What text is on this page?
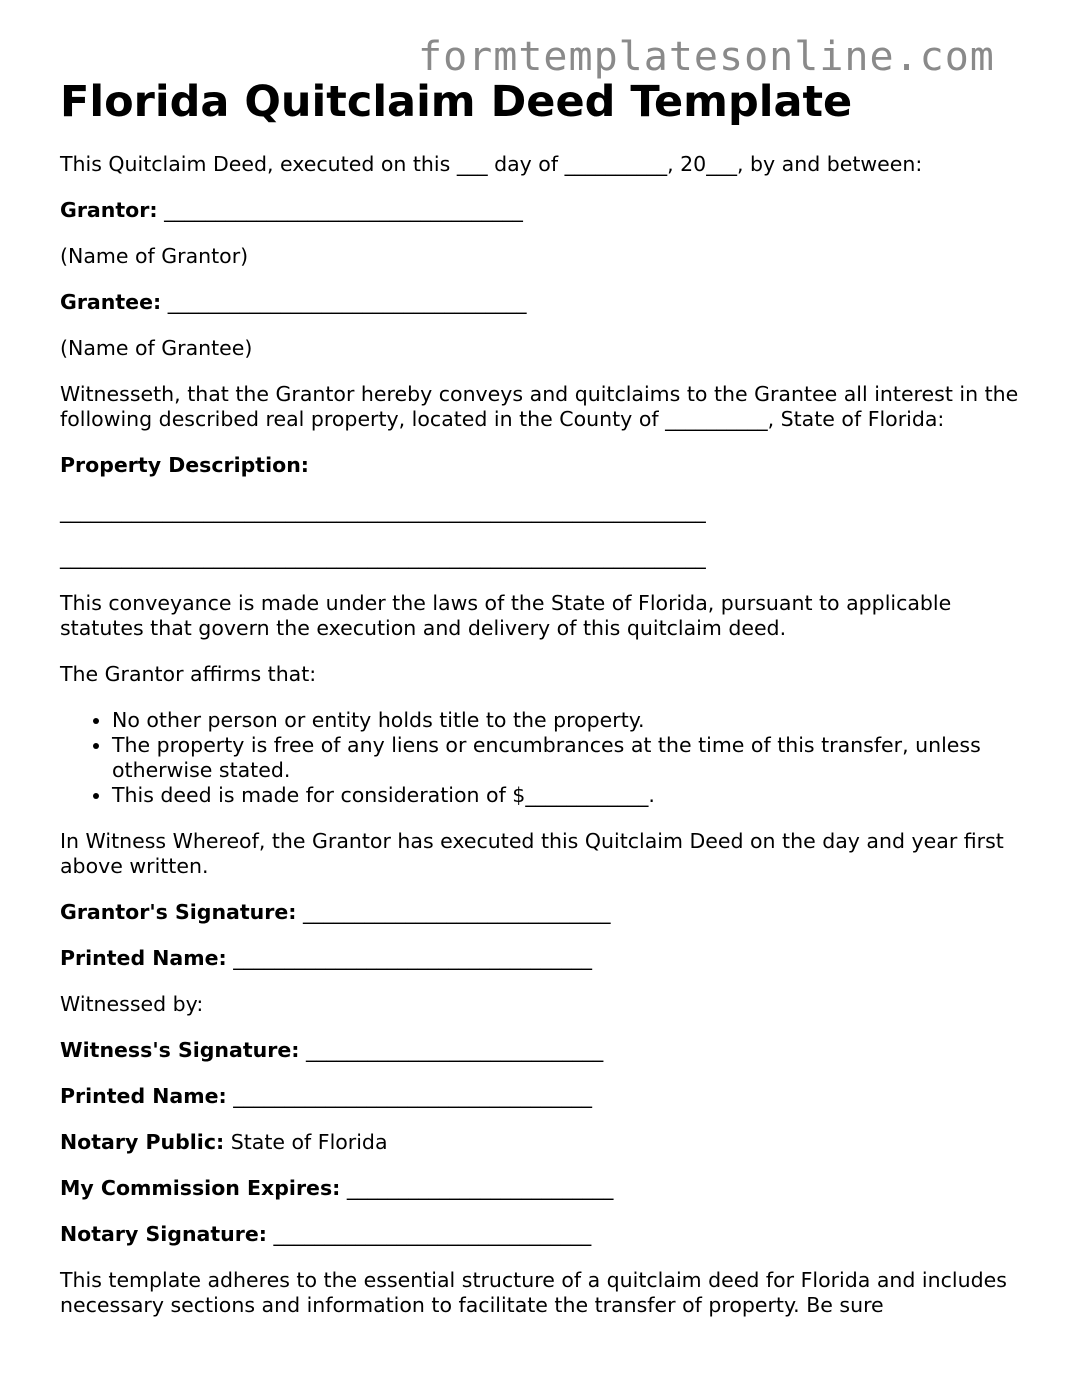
formtemplatesonline.com
Florida Quitclaim Deed Template

This Quitclaim Deed, executed on this ___ day of __________, 20___, by and between:

Grantor: ___________________________________

(Name of Grantor)

Grantee: ___________________________________

(Name of Grantee)

Witnesseth, that the Grantor hereby conveys and quitclaims to the Grantee all interest in the following described real property, located in the County of __________, State of Florida:

Property Description:

_______________________________________________________________
_______________________________________________________________

This conveyance is made under the laws of the State of Florida, pursuant to applicable statutes that govern the execution and delivery of this quitclaim deed.

The Grantor affirms that:

• No other person or entity holds title to the property.
• The property is free of any liens or encumbrances at the time of this transfer, unless otherwise stated.
• This deed is made for consideration of $____________.

In Witness Whereof, the Grantor has executed this Quitclaim Deed on the day and year first above written.

Grantor's Signature: ______________________________

Printed Name: ___________________________________

Witnessed by:

Witness's Signature: _____________________________

Printed Name: ___________________________________

Notary Public: State of Florida

My Commission Expires: __________________________

Notary Signature: _______________________________

This template adheres to the essential structure of a quitclaim deed for Florida and includes necessary sections and information to facilitate the transfer of property. Be sure
